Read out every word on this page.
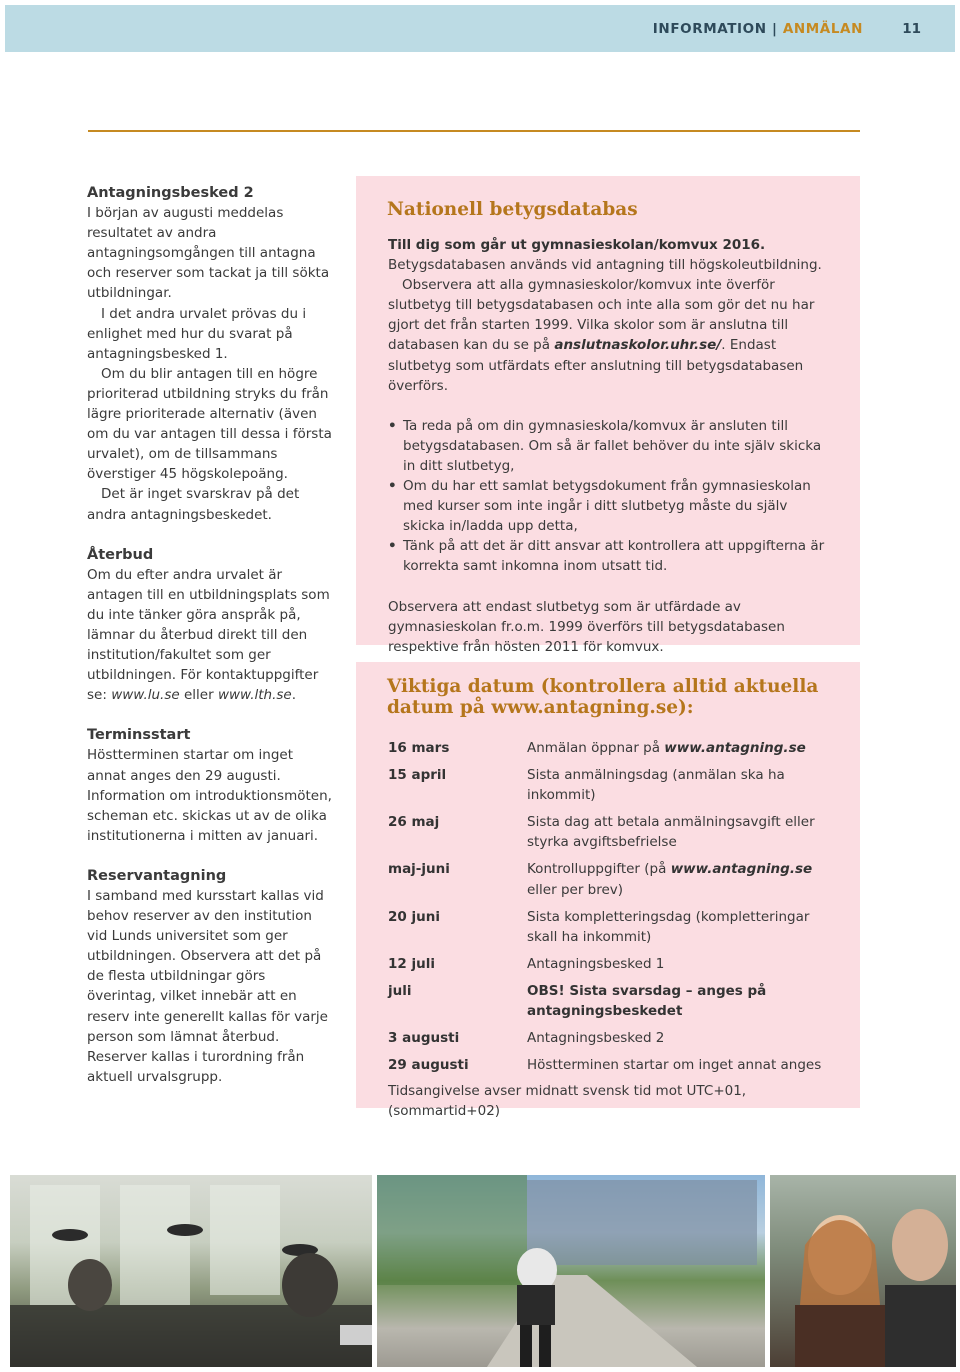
INFORMATION | ANMÄLAN	11
Antagningsbesked 2

I början av augusti meddelas resultatet av andra antagningsomgången till antagna och reserver som tackat ja till sökta utbildningar.

I det andra urvalet prövas du i enlighet med hur du svarat på antagningsbesked 1.

Om du blir antagen till en högre prioriterad utbildning stryks du från lägre prioriterade alternativ (även om du var antagen till dessa i första urvalet), om de tillsammans överstiger 45 högskolepoäng.

Det är inget svarskrav på det andra antagningsbeskedet.

Återbud

Om du efter andra urvalet är antagen till en utbildningsplats som du inte tänker göra anspråk på, lämnar du återbud direkt till den institution/fakultet som ger utbildningen. För kontaktuppgifter se: www.lu.se eller www.lth.se.

Terminsstart

Höstterminen startar om inget annat anges den 29 augusti. Information om introduktionsmöten, scheman etc. skickas ut av de olika institutionerna i mitten av januari.

Reservantagning

I samband med kursstart kallas vid behov reserver av den institution vid Lunds universitet som ger utbildningen. Observera att det på de flesta utbildningar görs överintag, vilket innebär att en reserv inte generellt kallas för varje person som lämnat återbud. Reserver kallas i turordning från aktuell urvalsgrupp.

Nationell betygsdatabas

Till dig som går ut gymnasieskolan/komvux 2016.

Betygsdatabasen används vid antagning till högskoleutbildning.

Observera att alla gymnasieskolor/komvux inte överför slutbetyg till betygsdatabasen och inte alla som gör det nu har gjort det från starten 1999. Vilka skolor som är anslutna till databasen kan du se på anslutnaskolor.uhr.se/. Endast slutbetyg som utfärdats efter anslutning till betygsdatabasen överförs.

• Ta reda på om din gymnasieskola/komvux är ansluten till betygsdatabasen. Om så är fallet behöver du inte själv skicka in ditt slutbetyg,
• Om du har ett samlat betygsdokument från gymnasieskolan med kurser som inte ingår i ditt slutbetyg måste du själv skicka in/ladda upp detta,
• Tänk på att det är ditt ansvar att kontrollera att uppgifterna är korrekta samt inkomna inom utsatt tid.

Observera att endast slutbetyg som är utfärdade av gymnasieskolan fr.o.m. 1999 överförs till betygsdatabasen respektive från hösten 2011 för komvux.

Viktiga datum (kontrollera alltid aktuella datum på www.antagning.se):
16 mars	Anmälan öppnar på www.antagning.se
15 april	Sista anmälningsdag (anmälan ska ha inkommit)
26 maj	Sista dag att betala anmälningsavgift eller styrka avgiftsbefrielse
maj-juni	Kontrolluppgifter (på www.antagning.se eller per brev)
20 juni	Sista kompletteringsdag (kompletteringar skall ha inkommit)
12 juli	Antagningsbesked 1
juli	OBS! Sista svarsdag – anges på antagningsbeskedet
3 augusti	Antagningsbesked 2
29 augusti	Höstterminen startar om inget annat anges
Tidsangivelse avser midnatt svensk tid mot UTC+01, (sommartid+02)
